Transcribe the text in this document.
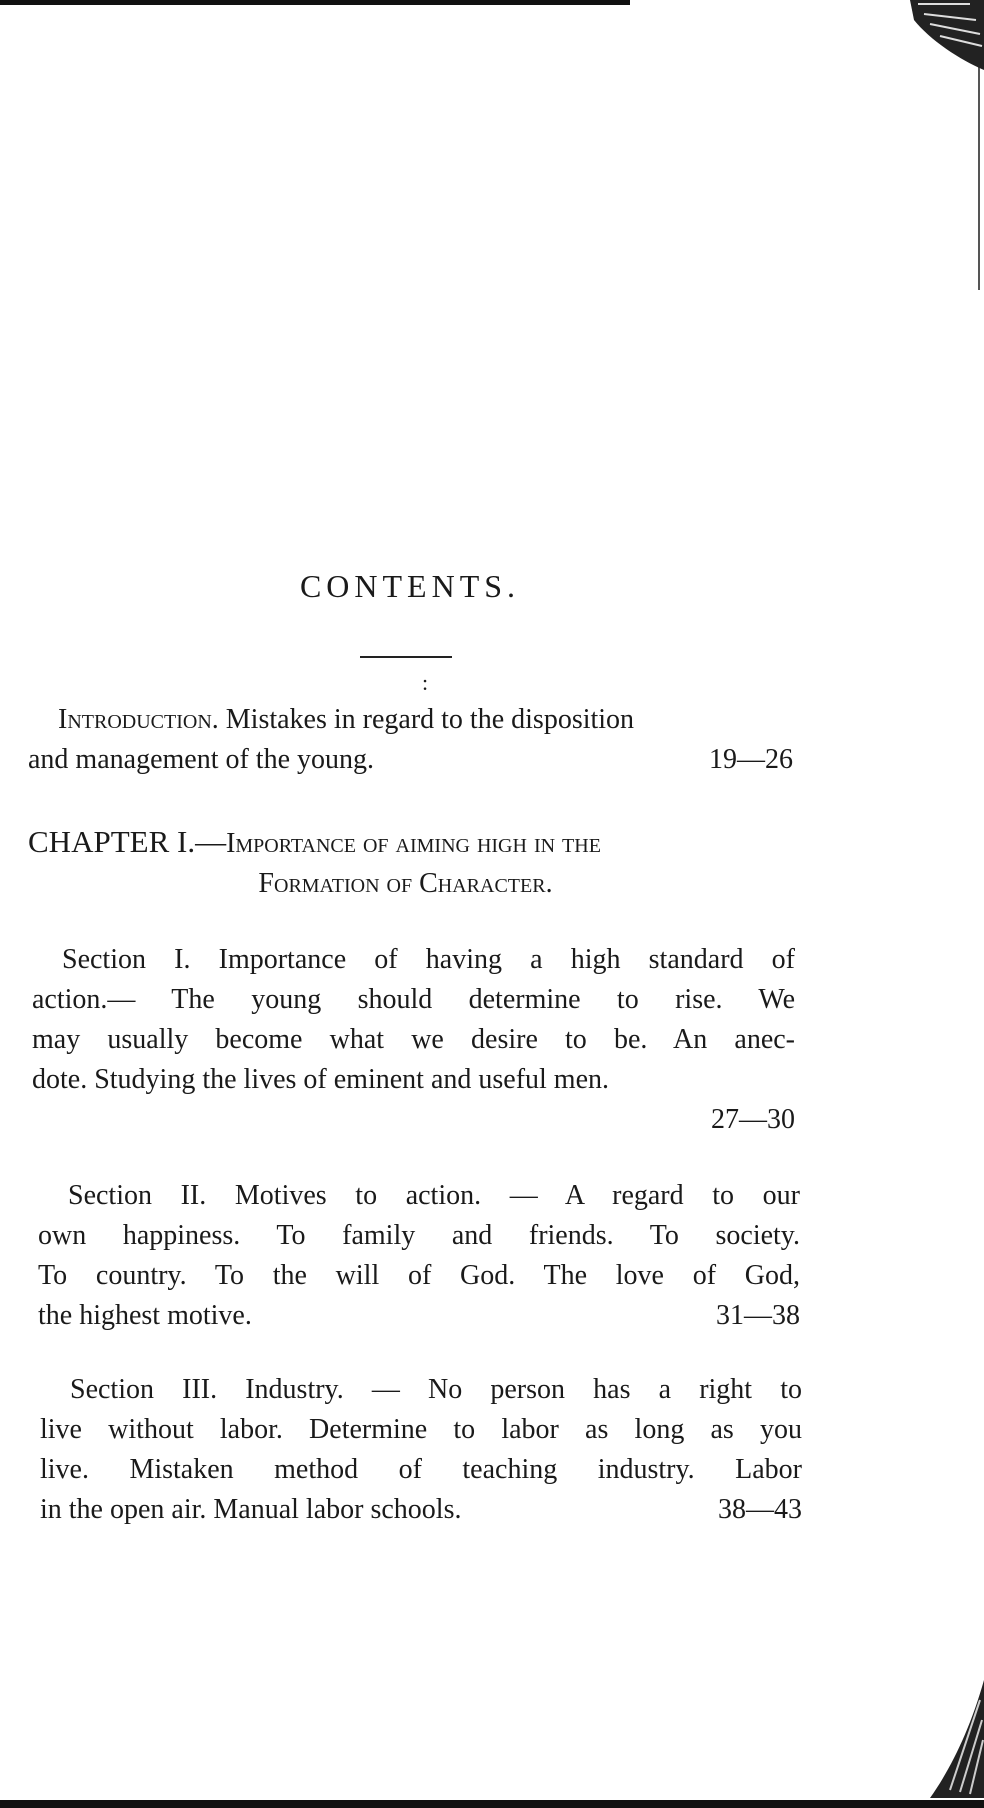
CONTENTS.
:
Introduction. Mistakes in regard to the disposition
and management of the young.	19—26
CHAPTER I.—Importance of aiming high in the
Formation of Character.
Section I. Importance of having a high standard of
action.— The young should determine to rise. We
may usually become what we desire to be. An anec-
dote. Studying the lives of eminent and useful men.
27—30
Section II. Motives to action. — A regard to our
own happiness. To family and friends. To society.
To country. To the will of God. The love of God,
the highest motive.	31—38
Section III. Industry. — No person has a right to
live without labor. Determine to labor as long as you
live. Mistaken method of teaching industry. Labor
in the open air. Manual labor schools.	38—43
